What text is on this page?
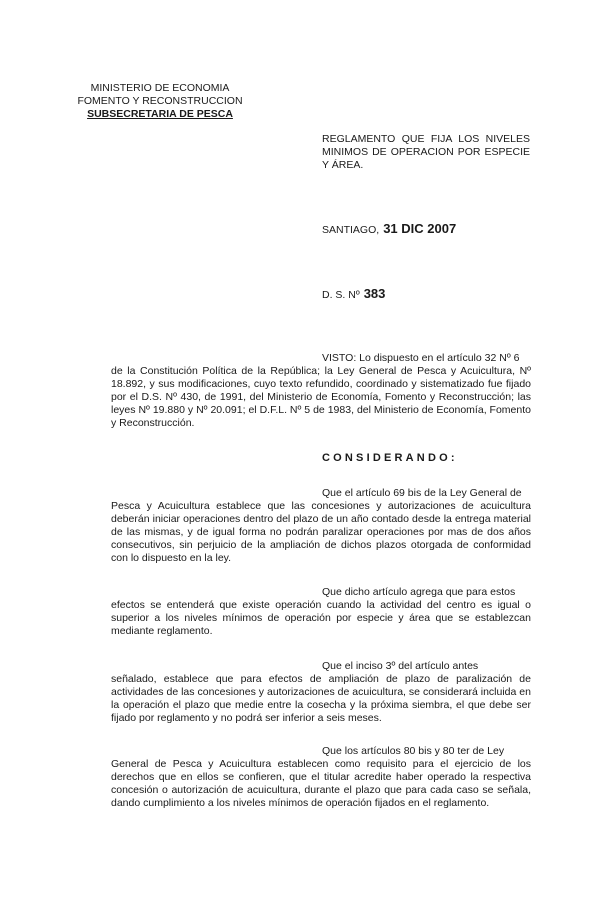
MINISTERIO DE ECONOMIA
FOMENTO Y RECONSTRUCCION
SUBSECRETARIA DE PESCA
REGLAMENTO QUE FIJA LOS NIVELES MINIMOS DE OPERACION POR ESPECIE Y ÁREA.
SANTIAGO, 31 DIC 2007
D. S. Nº 383
VISTO: Lo dispuesto en el artículo 32 Nº 6
de la Constitución Política de la República; la Ley General de Pesca y Acuicultura, Nº 18.892, y sus modificaciones, cuyo texto refundido, coordinado y sistematizado fue fijado por el D.S. Nº 430, de 1991, del Ministerio de Economía, Fomento y Reconstrucción; las leyes Nº 19.880 y Nº 20.091; el D.F.L. Nº 5 de 1983, del Ministerio de Economía, Fomento y Reconstrucción.
CONSIDERANDO:
Que el artículo 69 bis de la Ley General de
Pesca y Acuicultura establece que las concesiones y autorizaciones de acuicultura deberán iniciar operaciones dentro del plazo de un año contado desde la entrega material de las mismas, y de igual forma no podrán paralizar operaciones por mas de dos años consecutivos, sin perjuicio de la ampliación de dichos plazos otorgada de conformidad con lo dispuesto en la ley.
Que dicho artículo agrega que para estos
efectos se entenderá que existe operación cuando la actividad del centro es igual o superior a los niveles mínimos de operación por especie y área que se establezcan mediante reglamento.
Que el inciso 3º del artículo antes
señalado, establece que para efectos de ampliación de plazo de paralización de actividades de las concesiones y autorizaciones de acuicultura, se considerará incluida en la operación el plazo que medie entre la cosecha y la próxima siembra, el que debe ser fijado por reglamento y no podrá ser inferior a seis meses.
Que los artículos 80 bis y 80 ter de Ley
General de Pesca y Acuicultura establecen como requisito para el ejercicio de los derechos que en ellos se confieren, que el titular acredite haber operado la respectiva concesión o autorización de acuicultura, durante el plazo que para cada caso se señala, dando cumplimiento a los niveles mínimos de operación fijados en el reglamento.
